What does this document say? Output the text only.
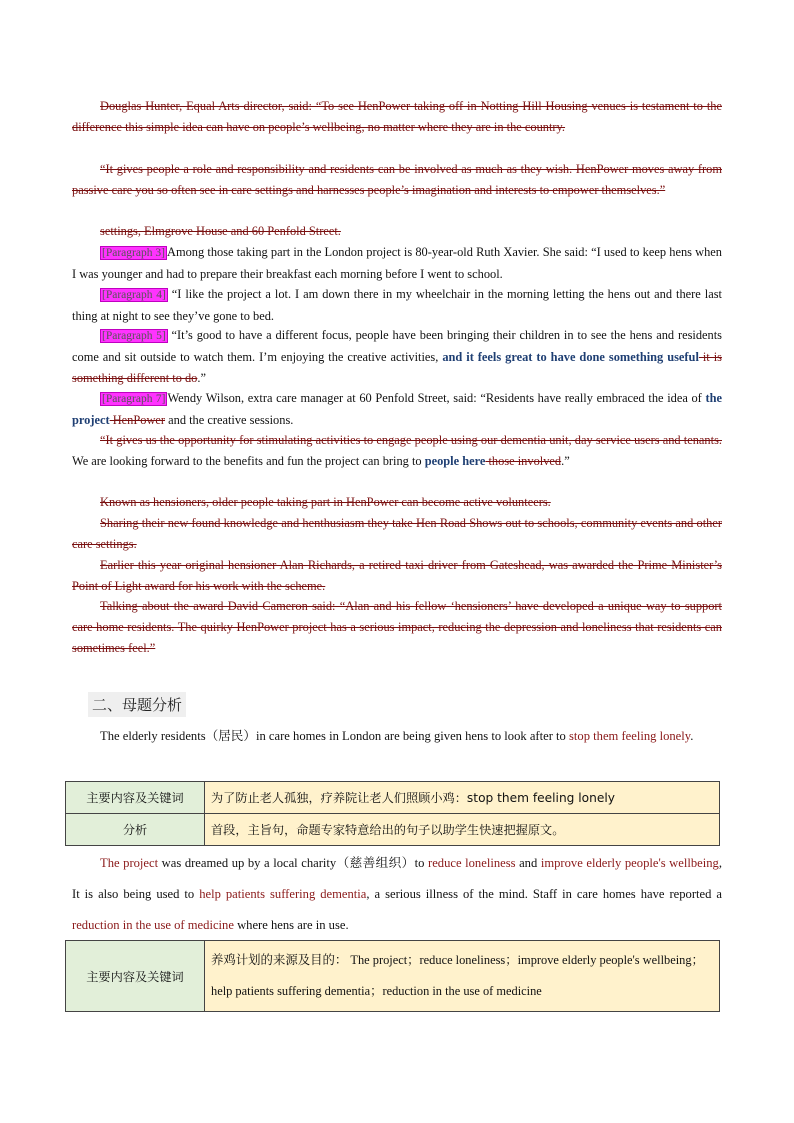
Douglas Hunter, Equal Arts director, said: “To see HenPower taking off in Notting Hill Housing venues is testament to the difference this simple idea can have on people’s wellbeing, no matter where they are in the country.

“It gives people a role and responsibility and residents can be involved as much as they wish. HenPower moves away from passive care you so often see in care settings and harnesses people’s imagination and interests to empower themselves.”

settings, Elmgrove House and 60 Penfold Street.

[Paragraph 3] Among those taking part in the London project is 80-year-old Ruth Xavier. She said: “I used to keep hens when I was younger and had to prepare their breakfast each morning before I went to school.

[Paragraph 4] “I like the project a lot. I am down there in my wheelchair in the morning letting the hens out and there last thing at night to see they’ve gone to bed.

[Paragraph 5] “It’s good to have a different focus, people have been bringing their children in to see the hens and residents come and sit outside to watch them. I’m enjoying the creative activities, and it feels great to have done something useful it is something different to do.”

[Paragraph 7] Wendy Wilson, extra care manager at 60 Penfold Street, said: “Residents have really embraced the idea of the project HenPower and the creative sessions.

“It gives us the opportunity for stimulating activities to engage people using our dementia unit, day service users and tenants. We are looking forward to the benefits and fun the project can bring to people here those involved.”

Known as hensioners, older people taking part in HenPower can become active volunteers.

Sharing their new found knowledge and henthusiasm they take Hen Road Shows out to schools, community events and other care settings.

Earlier this year original hensioner Alan Richards, a retired taxi driver from Gateshead, was awarded the Prime Minister’s Point of Light award for his work with the scheme.

Talking about the award David Cameron said: “Alan and his fellow ‘hensioners’ have developed a unique way to support care home residents. The quirky HenPower project has a serious impact, reducing the depression and loneliness that residents can sometimes feel.”

二、母题分析

The elderly residents（居民）in care homes in London are being given hens to look after to stop them feeling lonely.

主要内容及关键词	为了防止老人孤独，疗养院让老人们照顾小鸡：stop them feeling lonely
分析	首段，主旨句，命题专家特意给出的句子以助学生快速把握原文。

The project was dreamed up by a local charity（慈善组织）to reduce loneliness and improve elderly people's wellbeing, It is also being used to help patients suffering dementia, a serious illness of the mind. Staff in care homes have reported a reduction in the use of medicine where hens are in use.

主要内容及关键词	养鸡计划的来源及目的： The project；reduce loneliness；improve elderly people's wellbeing；help patients suffering dementia；reduction in the use of medicine
